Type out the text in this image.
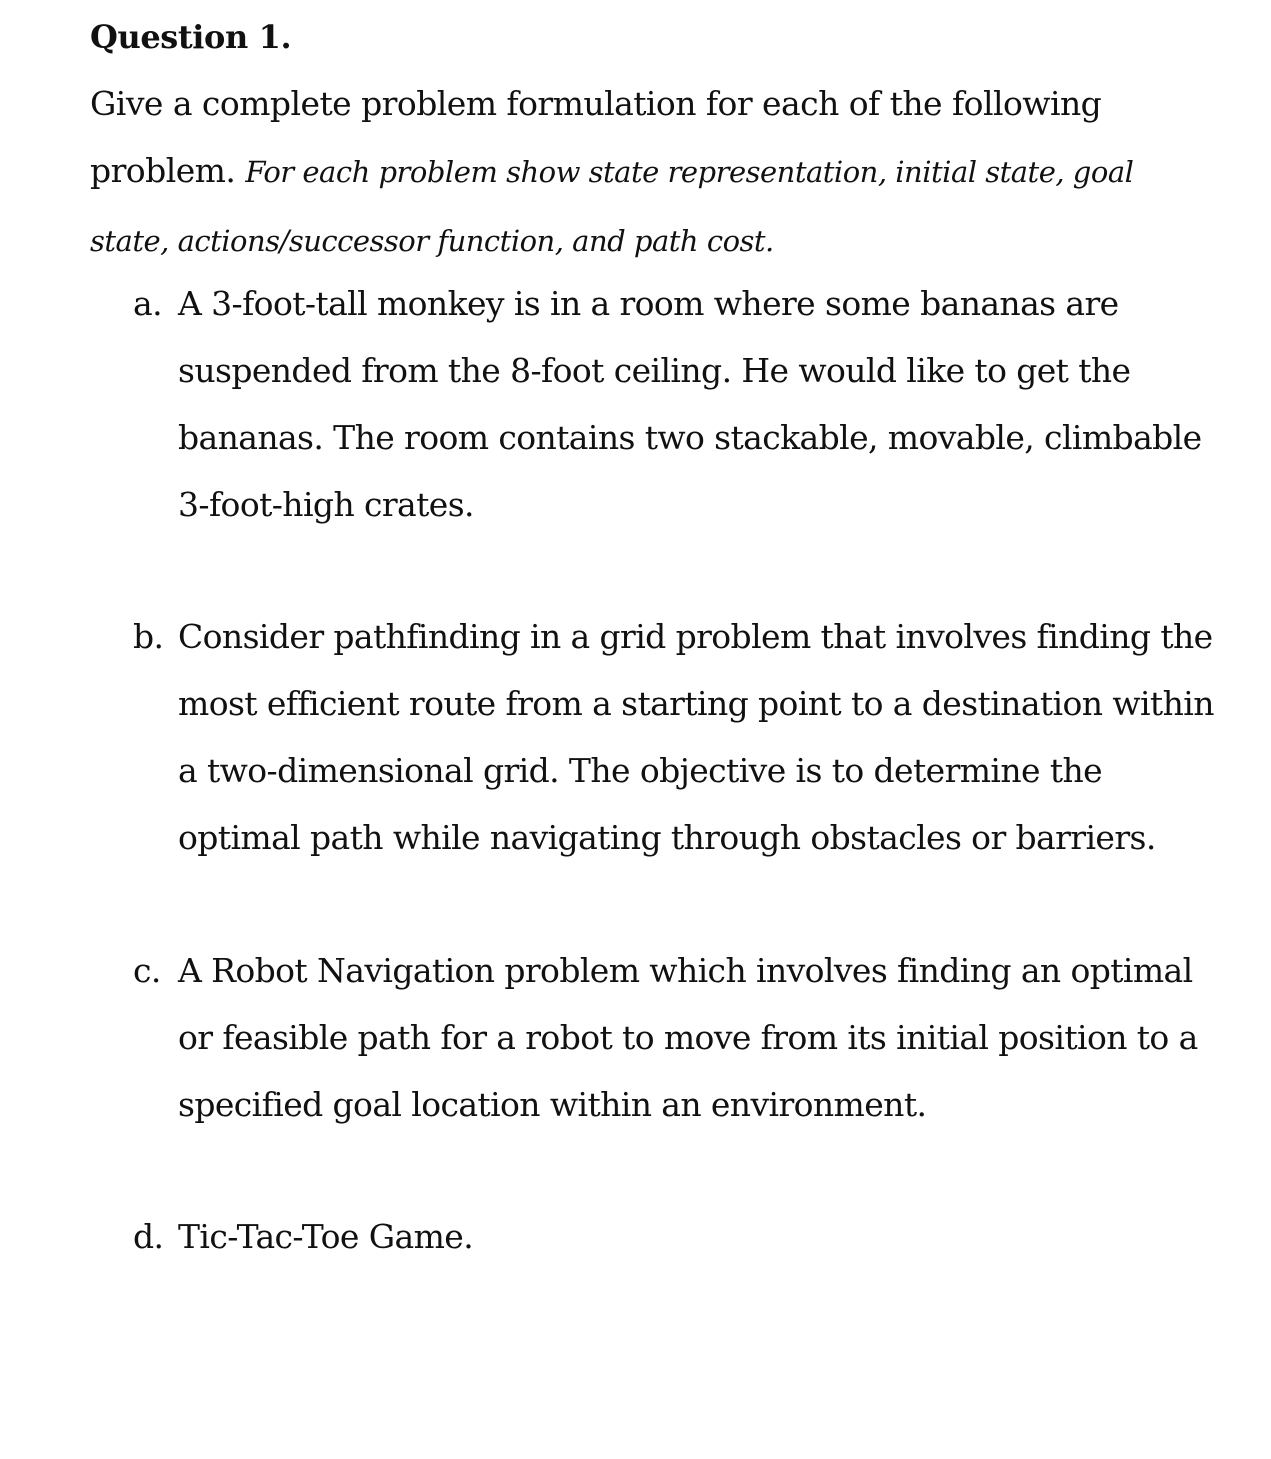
Question 1.
Give a complete problem formulation for each of the following problem. For each problem show state representation, initial state, goal state, actions/successor function, and path cost.
a. A 3-foot-tall monkey is in a room where some bananas are suspended from the 8-foot ceiling. He would like to get the bananas. The room contains two stackable, movable, climbable 3-foot-high crates.
b. Consider pathfinding in a grid problem that involves finding the most efficient route from a starting point to a destination within a two-dimensional grid. The objective is to determine the optimal path while navigating through obstacles or barriers.
c. A Robot Navigation problem which involves finding an optimal or feasible path for a robot to move from its initial position to a specified goal location within an environment.
d. Tic-Tac-Toe Game.
